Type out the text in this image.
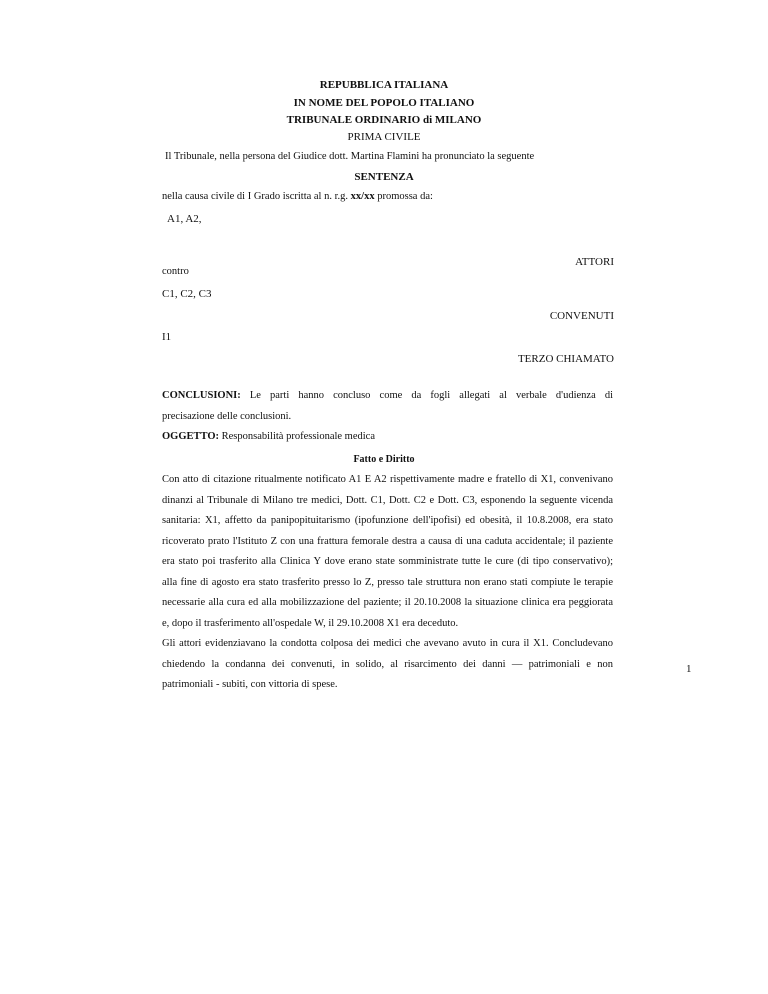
REPUBBLICA ITALIANA
IN NOME DEL POPOLO ITALIANO
TRIBUNALE ORDINARIO di MILANO
PRIMA CIVILE
Il Tribunale, nella persona del Giudice dott. Martina Flamini ha pronunciato la seguente
SENTENZA
nella causa civile di I Grado iscritta al n. r.g. xx/xx promossa da:
A1, A2,
ATTORI
contro
C1, C2, C3
CONVENUTI
I1
TERZO CHIAMATO
CONCLUSIONI: Le parti hanno concluso come da fogli allegati al verbale d'udienza di
precisazione delle conclusioni.
OGGETTO: Responsabilità professionale medica
Fatto e Diritto
Con atto di citazione ritualmente notificato A1 E A2 rispettivamente madre e fratello di X1, convenivano
dinanzi al Tribunale di Milano tre medici, Dott. C1, Dott. C2 e Dott. C3, esponendo la seguente vicenda
sanitaria: X1, affetto da panipopituitarismo (ipofunzione dell'ipofisi) ed obesità, il 10.8.2008, era stato
ricoverato prato l'Istituto Z con una frattura femorale destra a causa di una caduta accidentale; il paziente
era stato poi trasferito alla Clinica Y dove erano state somministrate tutte le cure (di tipo conservativo);
alla fine di agosto era stato trasferito presso lo Z, presso tale struttura non erano stati compiute le terapie
necessarie alla cura ed alla mobilizzazione del paziente; il 20.10.2008 la situazione clinica era peggiorata
e, dopo il trasferimento all'ospedale W, il 29.10.2008 X1 era deceduto.
Gli attori evidenziavano la condotta colposa dei medici che avevano avuto in cura il X1. Concludevano
chiedendo la condanna dei convenuti, in solido, al risarcimento dei danni — patrimoniali e non
patrimoniali - subiti, con vittoria di spese.
1
